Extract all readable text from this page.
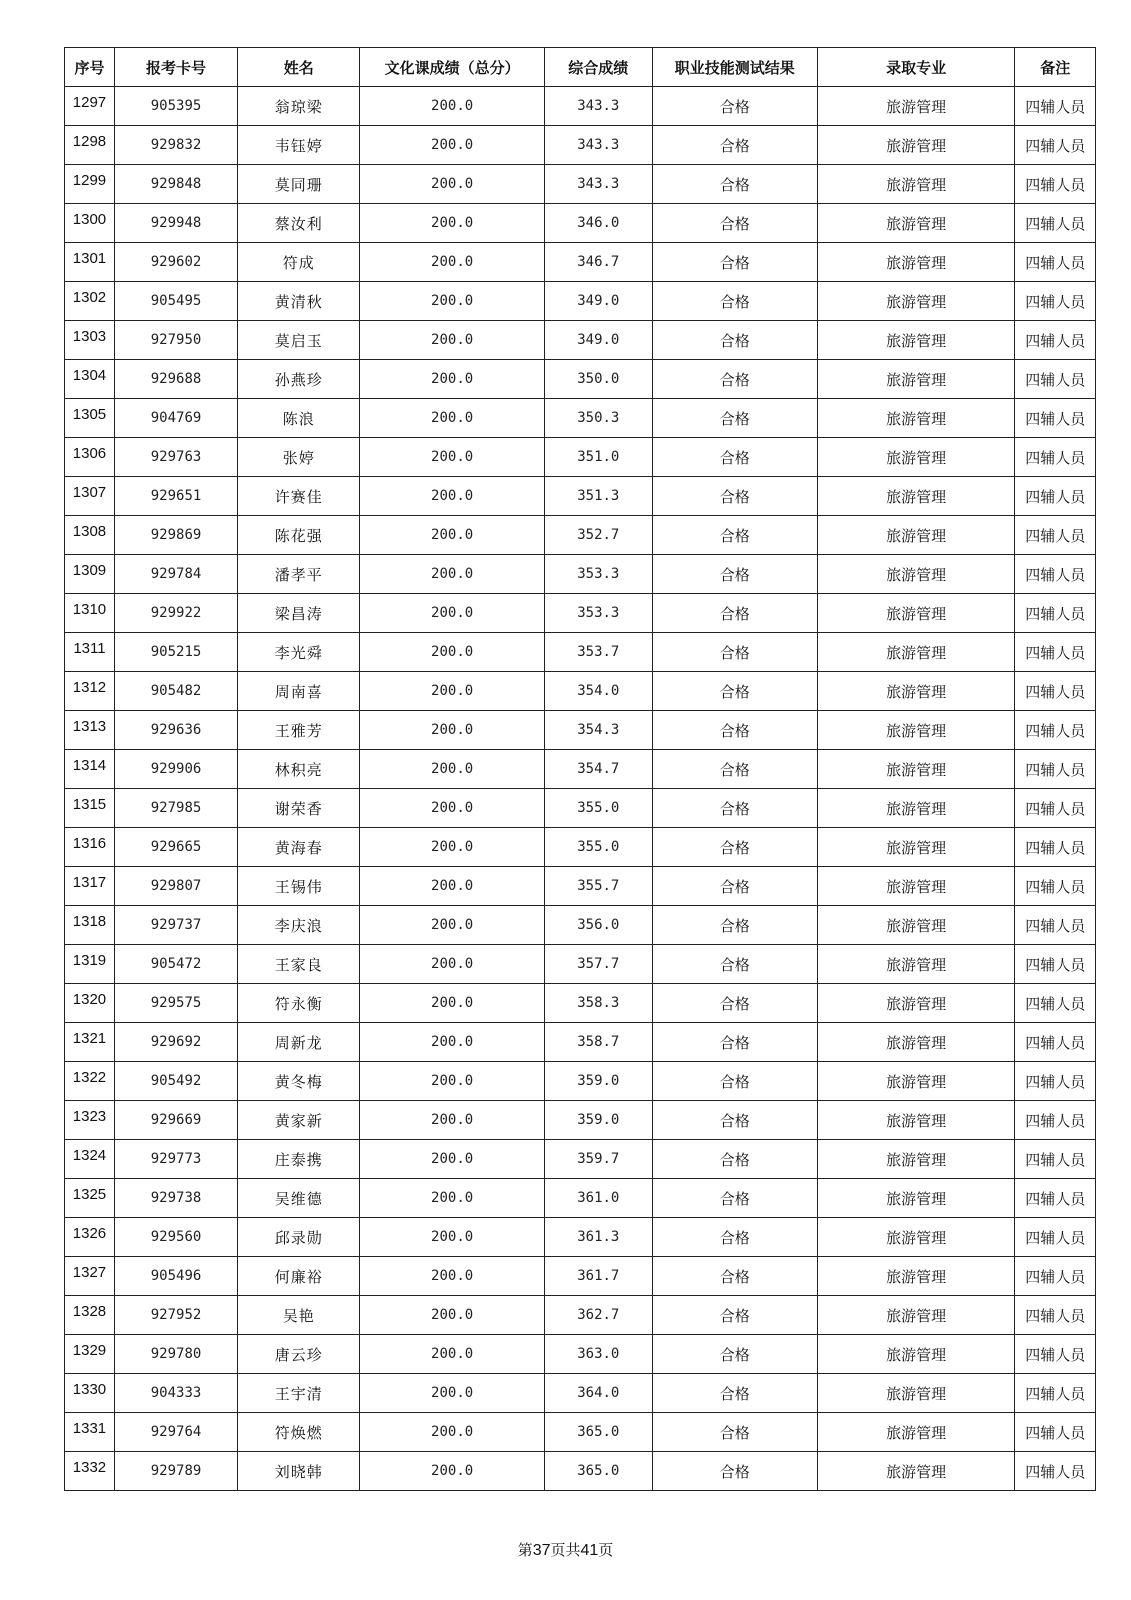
序号	报考卡号	姓名	文化课成绩（总分）	综合成绩	职业技能测试结果	录取专业	备注
1297	905395	翁琼梁	200.0	343.3	合格	旅游管理	四辅人员
1298	929832	韦钰婷	200.0	343.3	合格	旅游管理	四辅人员
1299	929848	莫同珊	200.0	343.3	合格	旅游管理	四辅人员
1300	929948	蔡汝利	200.0	346.0	合格	旅游管理	四辅人员
1301	929602	符成	200.0	346.7	合格	旅游管理	四辅人员
1302	905495	黄清秋	200.0	349.0	合格	旅游管理	四辅人员
1303	927950	莫启玉	200.0	349.0	合格	旅游管理	四辅人员
1304	929688	孙燕珍	200.0	350.0	合格	旅游管理	四辅人员
1305	904769	陈浪	200.0	350.3	合格	旅游管理	四辅人员
1306	929763	张婷	200.0	351.0	合格	旅游管理	四辅人员
1307	929651	许赛佳	200.0	351.3	合格	旅游管理	四辅人员
1308	929869	陈花强	200.0	352.7	合格	旅游管理	四辅人员
1309	929784	潘孝平	200.0	353.3	合格	旅游管理	四辅人员
1310	929922	梁昌涛	200.0	353.3	合格	旅游管理	四辅人员
1311	905215	李光舜	200.0	353.7	合格	旅游管理	四辅人员
1312	905482	周南喜	200.0	354.0	合格	旅游管理	四辅人员
1313	929636	王雅芳	200.0	354.3	合格	旅游管理	四辅人员
1314	929906	林积亮	200.0	354.7	合格	旅游管理	四辅人员
1315	927985	谢荣香	200.0	355.0	合格	旅游管理	四辅人员
1316	929665	黄海春	200.0	355.0	合格	旅游管理	四辅人员
1317	929807	王锡伟	200.0	355.7	合格	旅游管理	四辅人员
1318	929737	李庆浪	200.0	356.0	合格	旅游管理	四辅人员
1319	905472	王家良	200.0	357.7	合格	旅游管理	四辅人员
1320	929575	符永衡	200.0	358.3	合格	旅游管理	四辅人员
1321	929692	周新龙	200.0	358.7	合格	旅游管理	四辅人员
1322	905492	黄冬梅	200.0	359.0	合格	旅游管理	四辅人员
1323	929669	黄家新	200.0	359.0	合格	旅游管理	四辅人员
1324	929773	庄泰携	200.0	359.7	合格	旅游管理	四辅人员
1325	929738	吴维德	200.0	361.0	合格	旅游管理	四辅人员
1326	929560	邱录勋	200.0	361.3	合格	旅游管理	四辅人员
1327	905496	何廉裕	200.0	361.7	合格	旅游管理	四辅人员
1328	927952	吴艳	200.0	362.7	合格	旅游管理	四辅人员
1329	929780	唐云珍	200.0	363.0	合格	旅游管理	四辅人员
1330	904333	王宇清	200.0	364.0	合格	旅游管理	四辅人员
1331	929764	符焕燃	200.0	365.0	合格	旅游管理	四辅人员
1332	929789	刘晓韩	200.0	365.0	合格	旅游管理	四辅人员
第37页共41页
